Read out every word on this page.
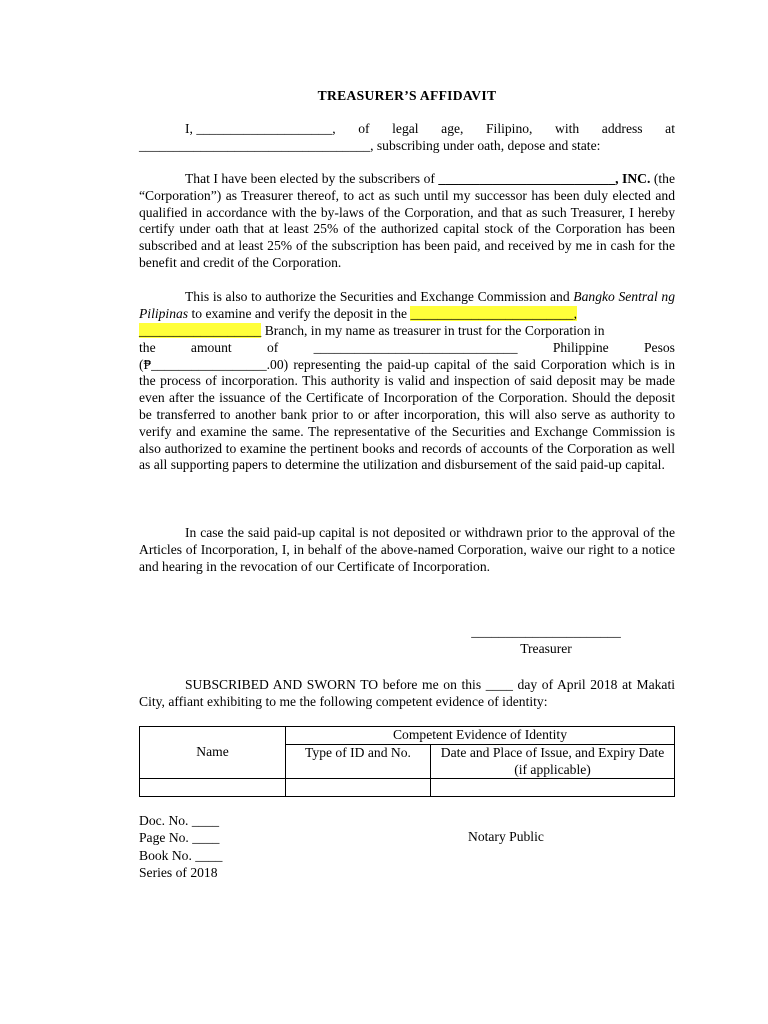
TREASURER’S AFFIDAVIT
I, ____________________, of legal age, Filipino, with address at
__________________________________, subscribing under oath, depose and state:
That I have been elected by the subscribers of __________________________, INC. (the “Corporation”) as Treasurer thereof, to act as such until my successor has been duly elected and qualified in accordance with the by-laws of the Corporation, and that as such Treasurer, I hereby certify under oath that at least 25% of the authorized capital stock of the Corporation has been subscribed and at least 25% of the subscription has been paid, and received by me in cash for the benefit and credit of the Corporation.
This is also to authorize the Securities and Exchange Commission and Bangko Sentral ng Pilipinas to examine and verify the deposit in the ________________________,
__________________ Branch, in my name as treasurer in trust for the Corporation in
the	amount	of	______________________________	Philippine	Pesos
(₱_________________.00) representing the paid-up capital of the said Corporation which is in the process of incorporation. This authority is valid and inspection of said deposit may be made even after the issuance of the Certificate of Incorporation of the Corporation. Should the deposit be transferred to another bank prior to or after incorporation, this will also serve as authority to verify and examine the same. The representative of the Securities and Exchange Commission is also authorized to examine the pertinent books and records of accounts of the Corporation as well as all supporting papers to determine the utilization and disbursement of the said paid-up capital.
In case the said paid-up capital is not deposited or withdrawn prior to the approval of the Articles of Incorporation, I, in behalf of the above-named Corporation, waive our right to a notice and hearing in the revocation of our Certificate of Incorporation.
______________________
Treasurer
SUBSCRIBED AND SWORN TO before me on this ____ day of April 2018 at Makati City, affiant exhibiting to me the following competent evidence of identity:
Name	Competent Evidence of Identity	
	Type of ID and No.	Date and Place of Issue, and Expiry Date (if applicable)

Doc. No. ____
Page No. ____
Book No. ____
Series of 2018
Notary Public
